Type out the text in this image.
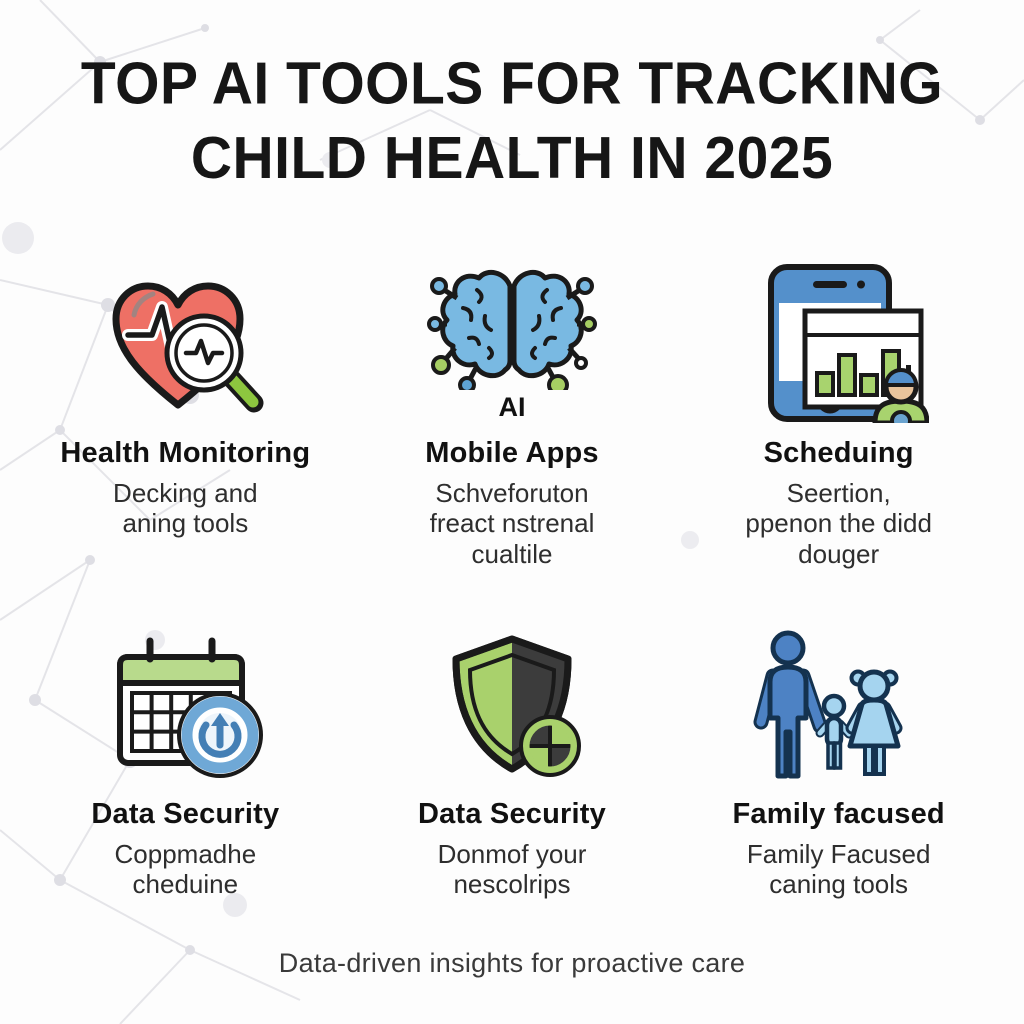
TOP AI TOOLS FOR TRACKING
CHILD HEALTH IN 2025
Health Monitoring
Decking and
aning tools
AI
Mobile Apps
Schveforuton
freact nstrenal
cualtile
Scheduing
Seertion,
ppenon the didd
douger
Data Security
Coppmadhe
cheduine
Data Security
Donmof your
nescolrips
Family facused
Family Facused
caning tools
Data-driven insights for proactive care
